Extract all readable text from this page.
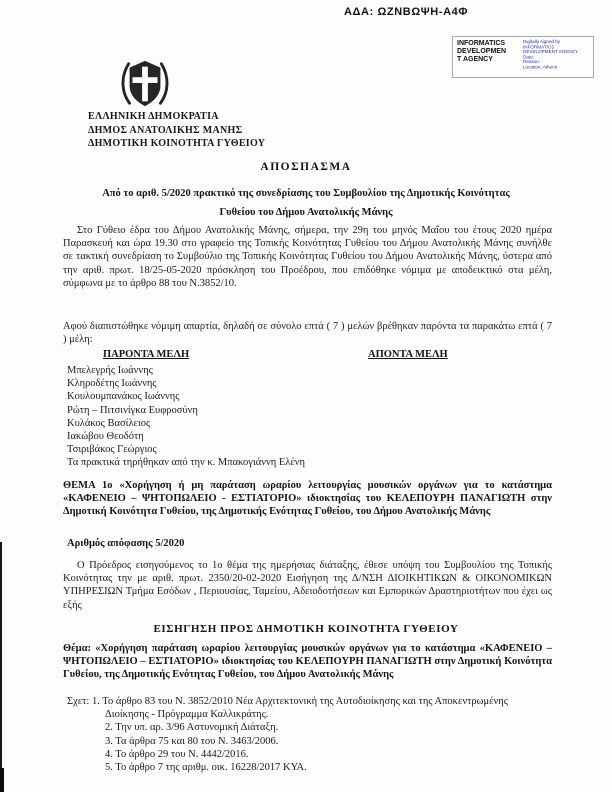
ΑΔΑ: ΩΖΝΒΩΨΗ-Α4Φ
INFORMATICS
DEVELOPMEN
T AGENCY
Digitally signed by
INFORMATICS
DEVELOPMENT AGENCY
Date:
Reason:
Location: Athens
ΕΛΛΗΝΙΚΗ ΔΗΜΟΚΡΑΤΙΑ
ΔΗΜΟΣ ΑΝΑΤΟΛΙΚΗΣ ΜΑΝΗΣ
ΔΗΜΟΤΙΚΗ ΚΟΙΝΟΤΗΤΑ ΓΥΘΕΙΟΥ
ΑΠΟΣΠΑΣΜΑ
Από το αριθ. 5/2020 πρακτικό της συνεδρίασης του Συμβουλίου της Δημοτικής Κοινότητας
Γυθείου του Δήμου Ανατολικής Μάνης
Στο Γύθειο έδρα του Δήμου Ανατολικής Μάνης, σήμερα, την 29η του μηνός Μαΐου του έτους 2020 ημέρα Παρασκευή και ώρα 19.30 στο γραφείο της Τοπικής Κοινότητας Γυθείου του Δήμου Ανατολικής Μάνης συνήλθε σε τακτική συνεδρίαση το Συμβούλιο της Τοπικής Κοινότητας Γυθείου του Δήμου Ανατολικής Μάνης, ύστερα από την αριθ. πρωτ. 18/25-05-2020 πρόσκληση του Προέδρου, που επιδόθηκε νόμιμα με αποδεικτικό στα μέλη, σύμφωνα με το άρθρο 88 του Ν.3852/10.
Αφού διαπιστώθηκε νόμιμη απαρτία, δηλαδή σε σύνολο επτά ( 7 ) μελών βρέθηκαν παρόντα τα παρακάτω επτά ( 7 ) μέλη:
ΠΑΡΟΝΤΑ ΜΕΛΗ	ΑΠΟΝΤΑ ΜΕΛΗ
Μπελεγρής Ιωάννης
Κληροδέτης Ιωάννης
Κουλουμπανάκος Ιωάννης
Ρώτη – Πιτσινίγκα Ευφροσύνη
Κυλάκος Βασίλειος
Ιακώβου Θεοδότη
Τσιριβάκος Γεώργιος
Τα πρακτικά τηρήθηκαν από την κ. Μπακογιάννη Ελένη
ΘΕΜΑ 1ο «Χορήγηση ή μη παράταση ωραρίου λειτουργίας μουσικών οργάνων για το κατάστημα «ΚΑΦΕΝΕΙΟ – ΨΗΤΟΠΩΛΕΙΟ - ΕΣΤΙΑΤΟΡΙΟ» ιδιοκτησίας του ΚΕΛΕΠΟΥΡΗ ΠΑΝΑΓΙΩΤΗ στην Δημοτική Κοινότητα Γυθείου, της Δημοτικής Ενότητας Γυθείου, του Δήμου Ανατολικής Μάνης
Αριθμός απόφασης 5/2020
Ο Πρόεδρος εισηγούμενος το 1ο θέμα της ημερήσιας διάταξης, έθεσε υπόψη του Συμβουλίου της Τοπικής Κοινότητας την με αριθ. πρωτ. 2350/20-02-2020 Εισήγηση της Δ/ΝΣΗ ΔΙΟΙΚΗΤΙΚΩΝ & ΟΙΚΟΝΟΜΙΚΩΝ ΥΠΗΡΕΣΙΩΝ Τμήμα Εσόδων , Περιουσίας, Ταμείου, Αδειοδοτήσεων και Εμπορικών Δραστηριοτήτων που έχει ως εξής
ΕΙΣΗΓΗΣΗ ΠΡΟΣ ΔΗΜΟΤΙΚΗ ΚΟΙΝΟΤΗΤΑ ΓΥΘΕΙΟΥ
Θέμα: «Χορήγηση παράταση ωραρίου λειτουργίας μουσικών οργάνων για το κατάστημα «ΚΑΦΕΝΕΙΟ – ΨΗΤΟΠΩΛΕΙΟ – ΕΣΤΙΑΤΟΡΙΟ» ιδιοκτησίας του ΚΕΛΕΠΟΥΡΗ ΠΑΝΑΓΙΩΤΗ στην Δημοτική Κοινότητα Γυθείου, της Δημοτικής Ενότητας Γυθείου, του Δήμου Ανατολικής Μάνης
Σχετ: 1. Το άρθρο 83 του Ν. 3852/2010 Νέα Αρχιτεκτονική της Αυτοδιοίκησης και της Αποκεντρωμένης Διοίκησης - Πρόγραμμα Καλλικράτης.
2. Την υπ. αρ. 3/96 Αστυνομική Διάταξη.
3. Τα άρθρα 75 και 80 του Ν. 3463/2006.
4. Το άρθρο 29 του Ν. 4442/2016.
5. Το άρθρο 7 της αριθμ. οικ. 16228/2017 ΚΥΑ.
